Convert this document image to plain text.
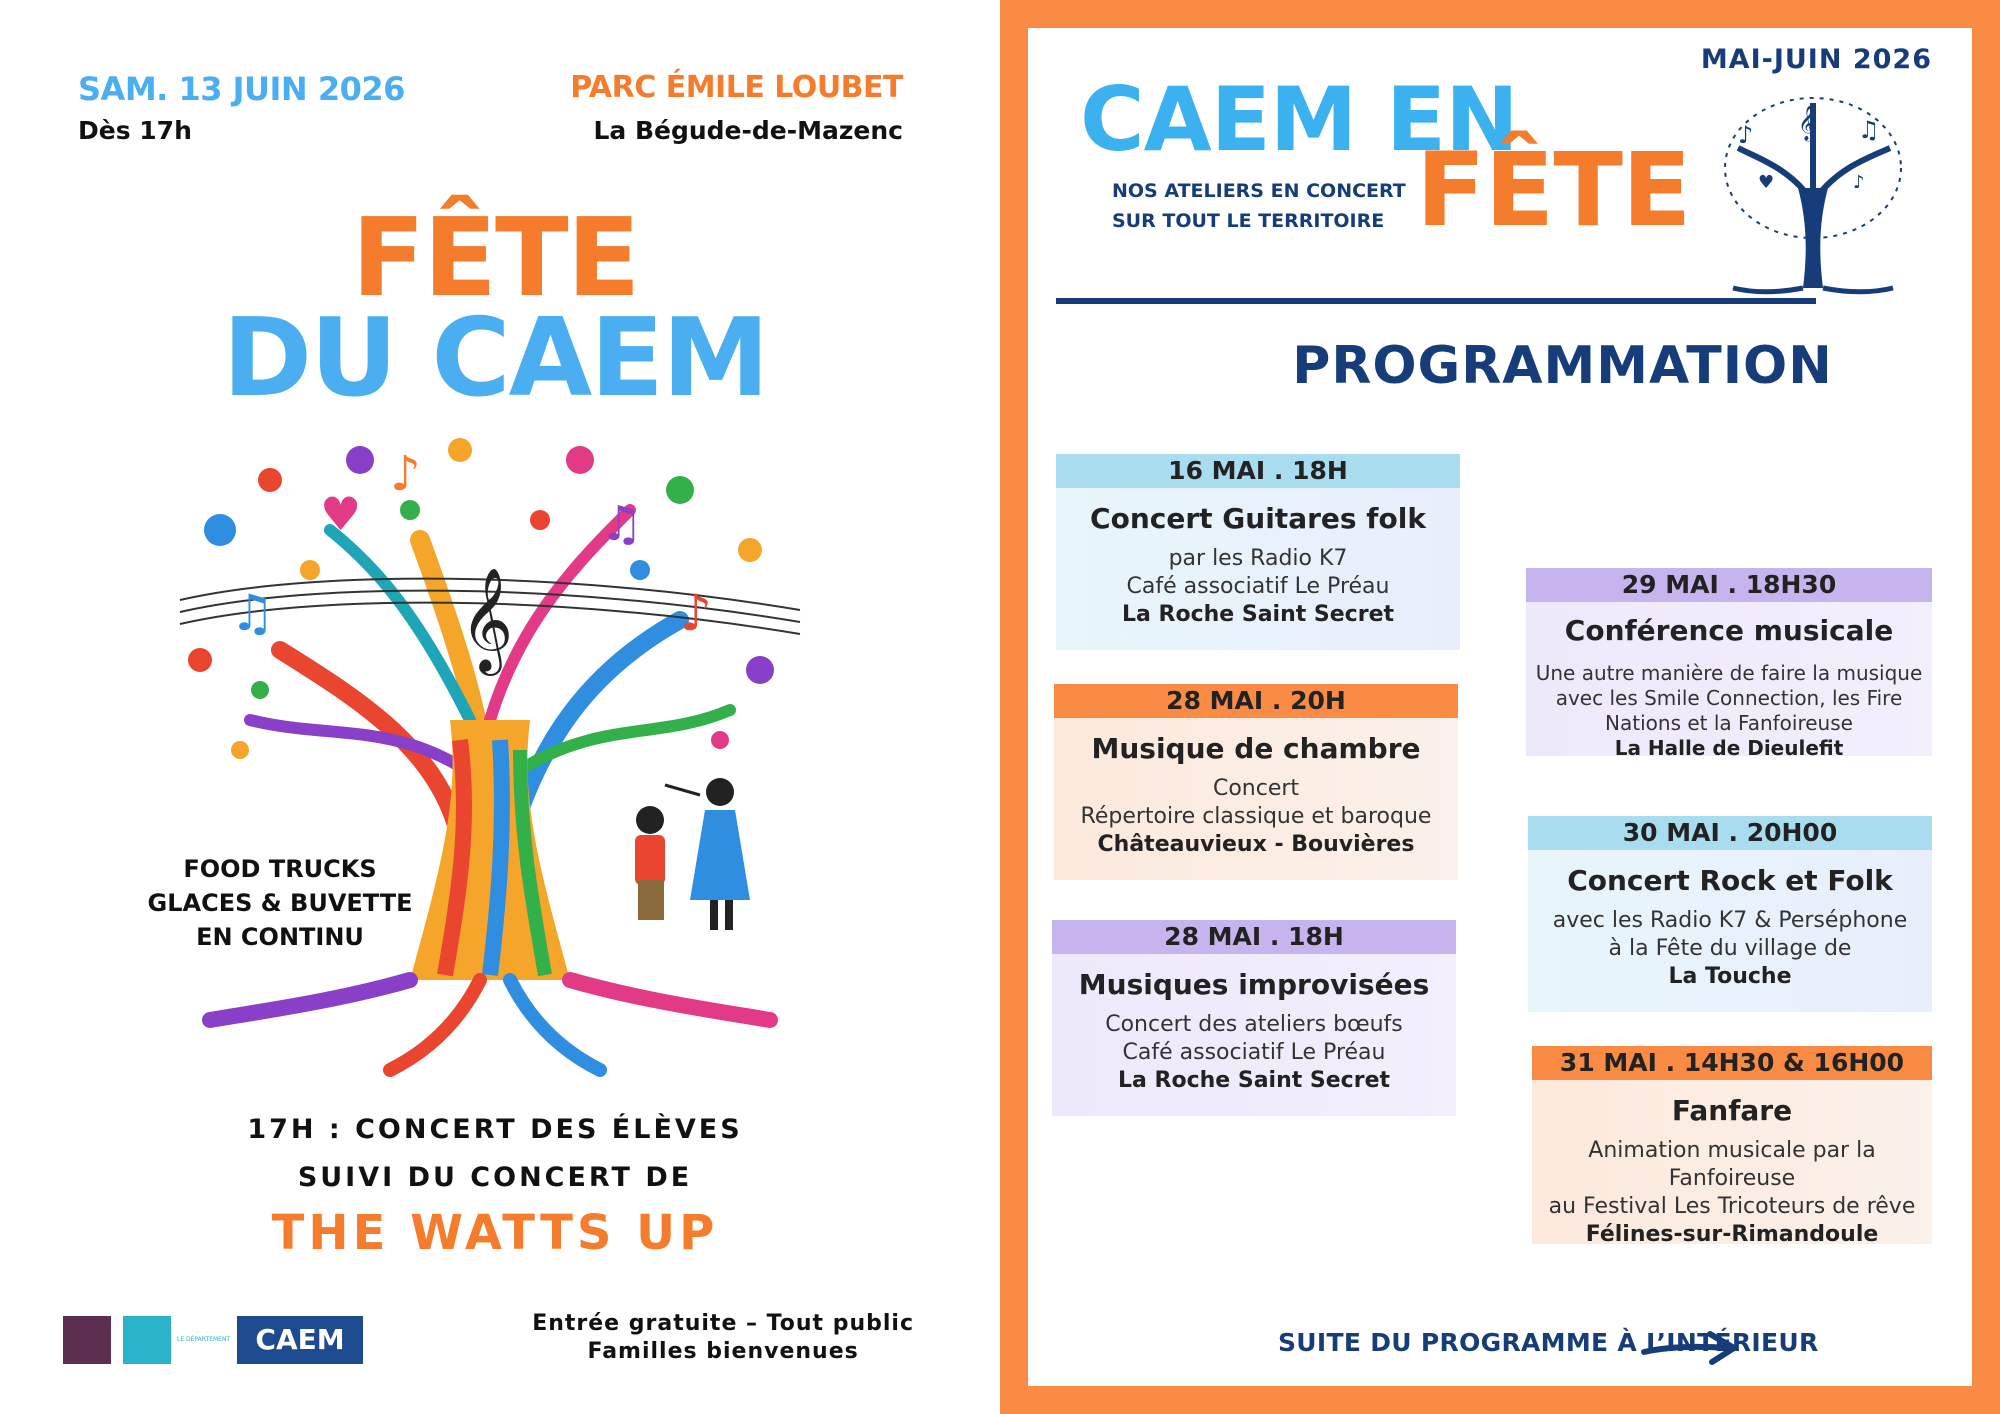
SAM. 13 JUIN 2026
Dès 17h
PARC ÉMILE LOUBET
La Bégude-de-Mazenc
FÊTE
DU CAEM
𝄞
♫	♪
♪
♫
♥
FOOD TRUCKS
GLACES & BUVETTE
EN CONTINU
17H : CONCERT DES ÉLÈVES
SUIVI DU CONCERT DE
THE WATTS UP
LE DÉPARTEMENT CAEM	Entrée gratuite – Tout public
Familles bienvenues
MAI-JUIN 2026
CAEM EN
FÊTE
NOS ATELIERS EN CONCERT
SUR TOUT LE TERRITOIRE
♪	♫
𝄞
♥	♪
PROGRAMMATION
16 MAI . 18H
Concert Guitares folk
par les Radio K7
Café associatif Le Préau
La Roche Saint Secret
28 MAI . 20H
Musique de chambre
Concert
Répertoire classique et baroque
Châteauvieux - Bouvières
28 MAI . 18H
Musiques improvisées
Concert des ateliers bœufs
Café associatif Le Préau
La Roche Saint Secret
29 MAI . 18H30
Conférence musicale
Une autre manière de faire la musique
avec les Smile Connection, les Fire
Nations et la Fanfoireuse
La Halle de Dieulefit
30 MAI . 20H00
Concert Rock et Folk
avec les Radio K7 & Perséphone
à la Fête du village de
La Touche
31 MAI . 14H30 & 16H00
Fanfare
Animation musicale par la Fanfoireuse
au Festival Les Tricoteurs de rêve
Félines-sur-Rimandoule
SUITE DU PROGRAMME À L’INTÉRIEUR
